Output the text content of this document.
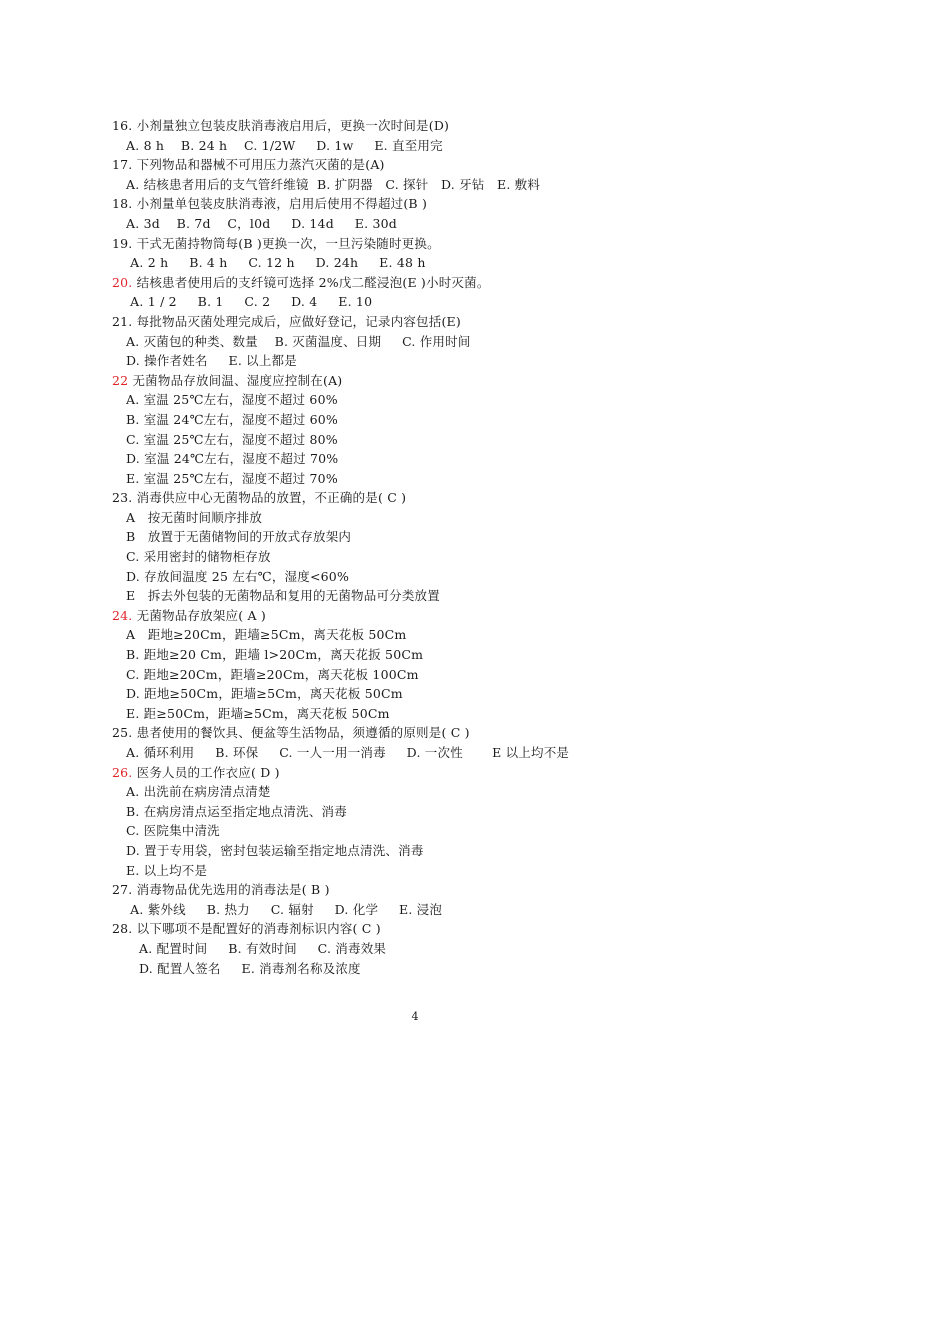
16. 小剂量独立包装皮肤消毒液启用后，更换一次时间是(D)
A. 8 h    B. 24 h    C. 1/2W     D. 1w     E. 直至用完
17. 下列物品和器械不可用压力蒸汽灭菌的是(A)
A. 结核患者用后的支气管纤维镜  B. 扩阴器   C. 探针   D. 牙钻   E. 敷料
18. 小剂量单包装皮肤消毒液，启用后使用不得超过(B )
A. 3d    B. 7d    C，l0d     D. 14d     E. 30d
19. 干式无菌持物筒每(B )更换一次，一旦污染随时更换。
A. 2 h     B. 4 h     C. 12 h     D. 24h     E. 48 h
20. 结核患者使用后的支纤镜可选择 2%戊二醛浸泡(E )小时灭菌。
A. 1 / 2     B. 1     C. 2     D. 4     E. 10
21. 每批物品灭菌处理完成后，应做好登记，记录内容包括(E)
A. 灭菌包的种类、数量    B. 灭菌温度、日期     C. 作用时间
D. 操作者姓名     E. 以上都是
22 无菌物品存放间温、湿度应控制在(A)
A. 室温 25℃左右，湿度不超过 60%
B. 室温 24℃左右，湿度不超过 60%
C. 室温 25℃左右，湿度不超过 80%
D. 室温 24℃左右，湿度不超过 70%
E. 室温 25℃左右，湿度不超过 70%
23. 消毒供应中心无菌物品的放置，不正确的是( C )
A   按无菌时间顺序排放
B   放置于无菌储物间的开放式存放架内
C. 采用密封的储物柜存放
D. 存放间温度 25 左右℃，湿度<60%
E   拆去外包装的无菌物品和复用的无菌物品可分类放置
24. 无菌物品存放架应( A )
A   距地≥20Cm，距墙≥5Cm，离天花板 50Cm
B. 距地≥20 Cm，距墙 l>20Cm，离天花扳 50Cm
C. 距地≥20Cm，距墙≥20Cm，离天花板 100Cm
D. 距地≥50Cm，距墙≥5Cm，离天花板 50Cm
E. 距≥50Cm，距墙≥5Cm，离天花板 50Cm
25. 患者使用的餐饮具、便盆等生活物品，须遵循的原则是( C )
A. 循环利用     B. 环保     C. 一人一用一消毒     D. 一次性       E 以上均不是
26. 医务人员的工作衣应( D )
A. 出洗前在病房清点清楚
B. 在病房清点运至指定地点清洗、消毒
C. 医院集中清洗
D. 置于专用袋，密封包装运输至指定地点清洗、消毒
E. 以上均不是
27. 消毒物品优先选用的消毒法是( B )
A. 紫外线     B. 热力     C. 辐射     D. 化学     E. 浸泡
28. 以下哪项不是配置好的消毒剂标识内容( C )
A. 配置时间     B. 有效时间     C. 消毒效果
D. 配置人签名     E. 消毒剂名称及浓度
4
